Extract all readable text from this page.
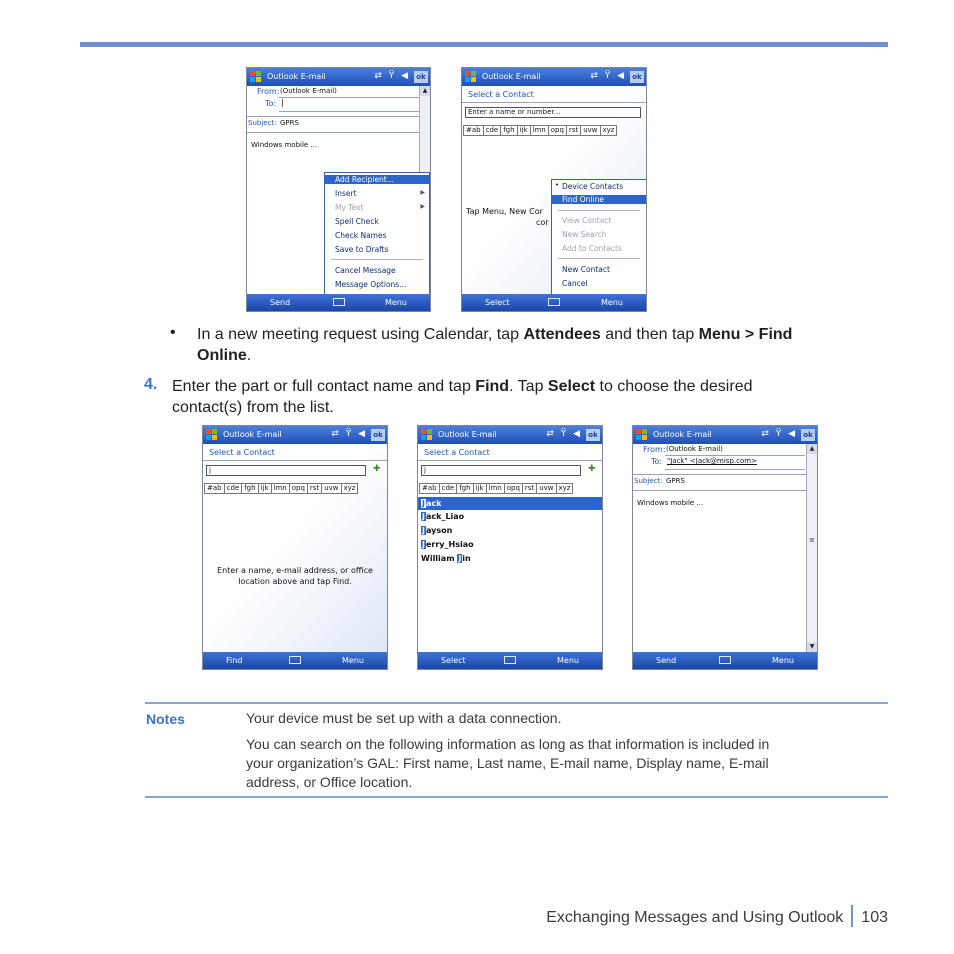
Outlook E-mail	⇄ Ÿ ◀ ok
From: (Outlook E-mail)
To: |
Subject: GPRS
Windows mobile ...
▲
Add Recipient...
Insert	▶
My Text	▶
Spell Check
Check Names
Save to Drafts
Cancel Message
Message Options...
Send	Menu
Outlook E-mail	⇄ Ÿ ◀ ok
Select a Contact
Enter a name or number...
#ab cde fgh ijk lmn opq rst uvw xyz
Tap Menu, New Cor
cor
Device Contacts
•
Find Online
View Contact
New Search
Add to Contacts
New Contact
Cancel
Select	Menu
• In a new meeting request using Calendar, tap Attendees and then tap Menu > Find
Online.
4. Enter the part or full contact name and tap Find. Tap Select to choose the desired
contact(s) from the list.
Outlook E-mail	⇄ Ÿ ◀ ok
Select a Contact
j	✚
#ab cde fgh ijk lmn opq rst uvw xyz
Enter a name, e-mail address, or office
location above and tap Find.
Find	Menu
Outlook E-mail	⇄ Ÿ ◀ ok
Select a Contact
j	✚
#ab cde fgh ijk lmn opq rst uvw xyz
Jack
Jack_Liao
Jayson
Jerry_Hsiao
William Jin
Select	Menu
Outlook E-mail	⇄ Ÿ ◀ ok
From: (Outlook E-mail)
To: "Jack" <Jack@misp.com>
Subject: GPRS
Windows mobile ...
▲
≡
▼
Send	Menu
Notes	Your device must be set up with a data connection.
You can search on the following information as long as that information is included in
your organization’s GAL: First name, Last name, E-mail name, Display name, E-mail
address, or Office location.
Exchanging Messages and Using Outlook 103
